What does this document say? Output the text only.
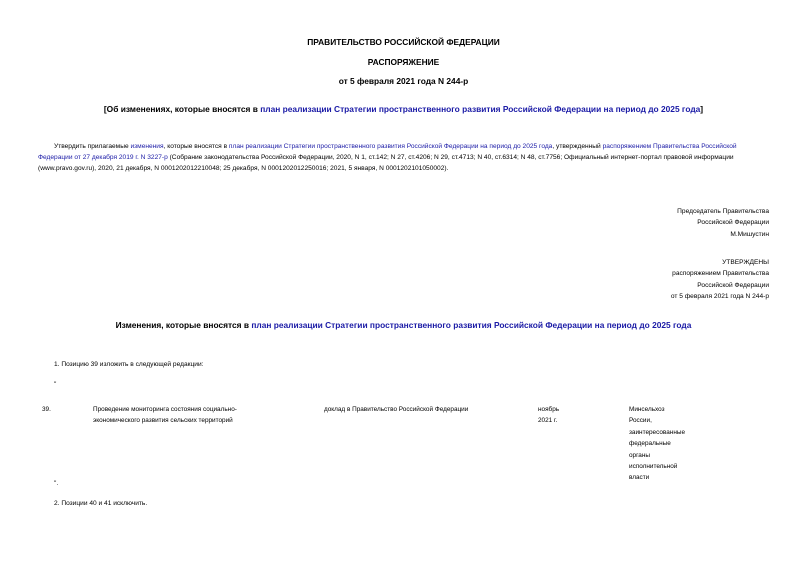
ПРАВИТЕЛЬСТВО РОССИЙСКОЙ ФЕДЕРАЦИИ
РАСПОРЯЖЕНИЕ
от 5 февраля 2021 года N 244-р
[Об изменениях, которые вносятся в план реализации Стратегии пространственного развития Российской Федерации на период до 2025 года]
Утвердить прилагаемые изменения, которые вносятся в план реализации Стратегии пространственного развития Российской Федерации на период до 2025 года, утвержденный распоряжением Правительства Российской Федерации от 27 декабря 2019 г. N 3227-р (Собрание законодательства Российской Федерации, 2020, N 1, ст.142; N 27, ст.4206; N 29, ст.4713; N 40, ст.6314; N 48, ст.7756; Официальный интернет-портал правовой информации (www.pravo.gov.ru), 2020, 21 декабря, N 0001202012210048; 25 декабря, N 0001202012250016; 2021, 5 января, N 0001202101050002).
Председатель Правительства
Российской Федерации
М.Мишустин
УТВЕРЖДЕНЫ
распоряжением Правительства
Российской Федерации
от 5 февраля 2021 года N 244-р
Изменения, которые вносятся в план реализации Стратегии пространственного развития Российской Федерации на период до 2025 года
1. Позицию 39 изложить в следующей редакции:
"
39.	Проведение мониторинга состояния социально-
экономического развития сельских территорий
доклад в Правительство Российской Федерации	ноябрь
2021 г.
Минсельхоз
России,
заинтересованные
федеральные
органы
исполнительной
власти
".
2. Позиции 40 и 41 исключить.
